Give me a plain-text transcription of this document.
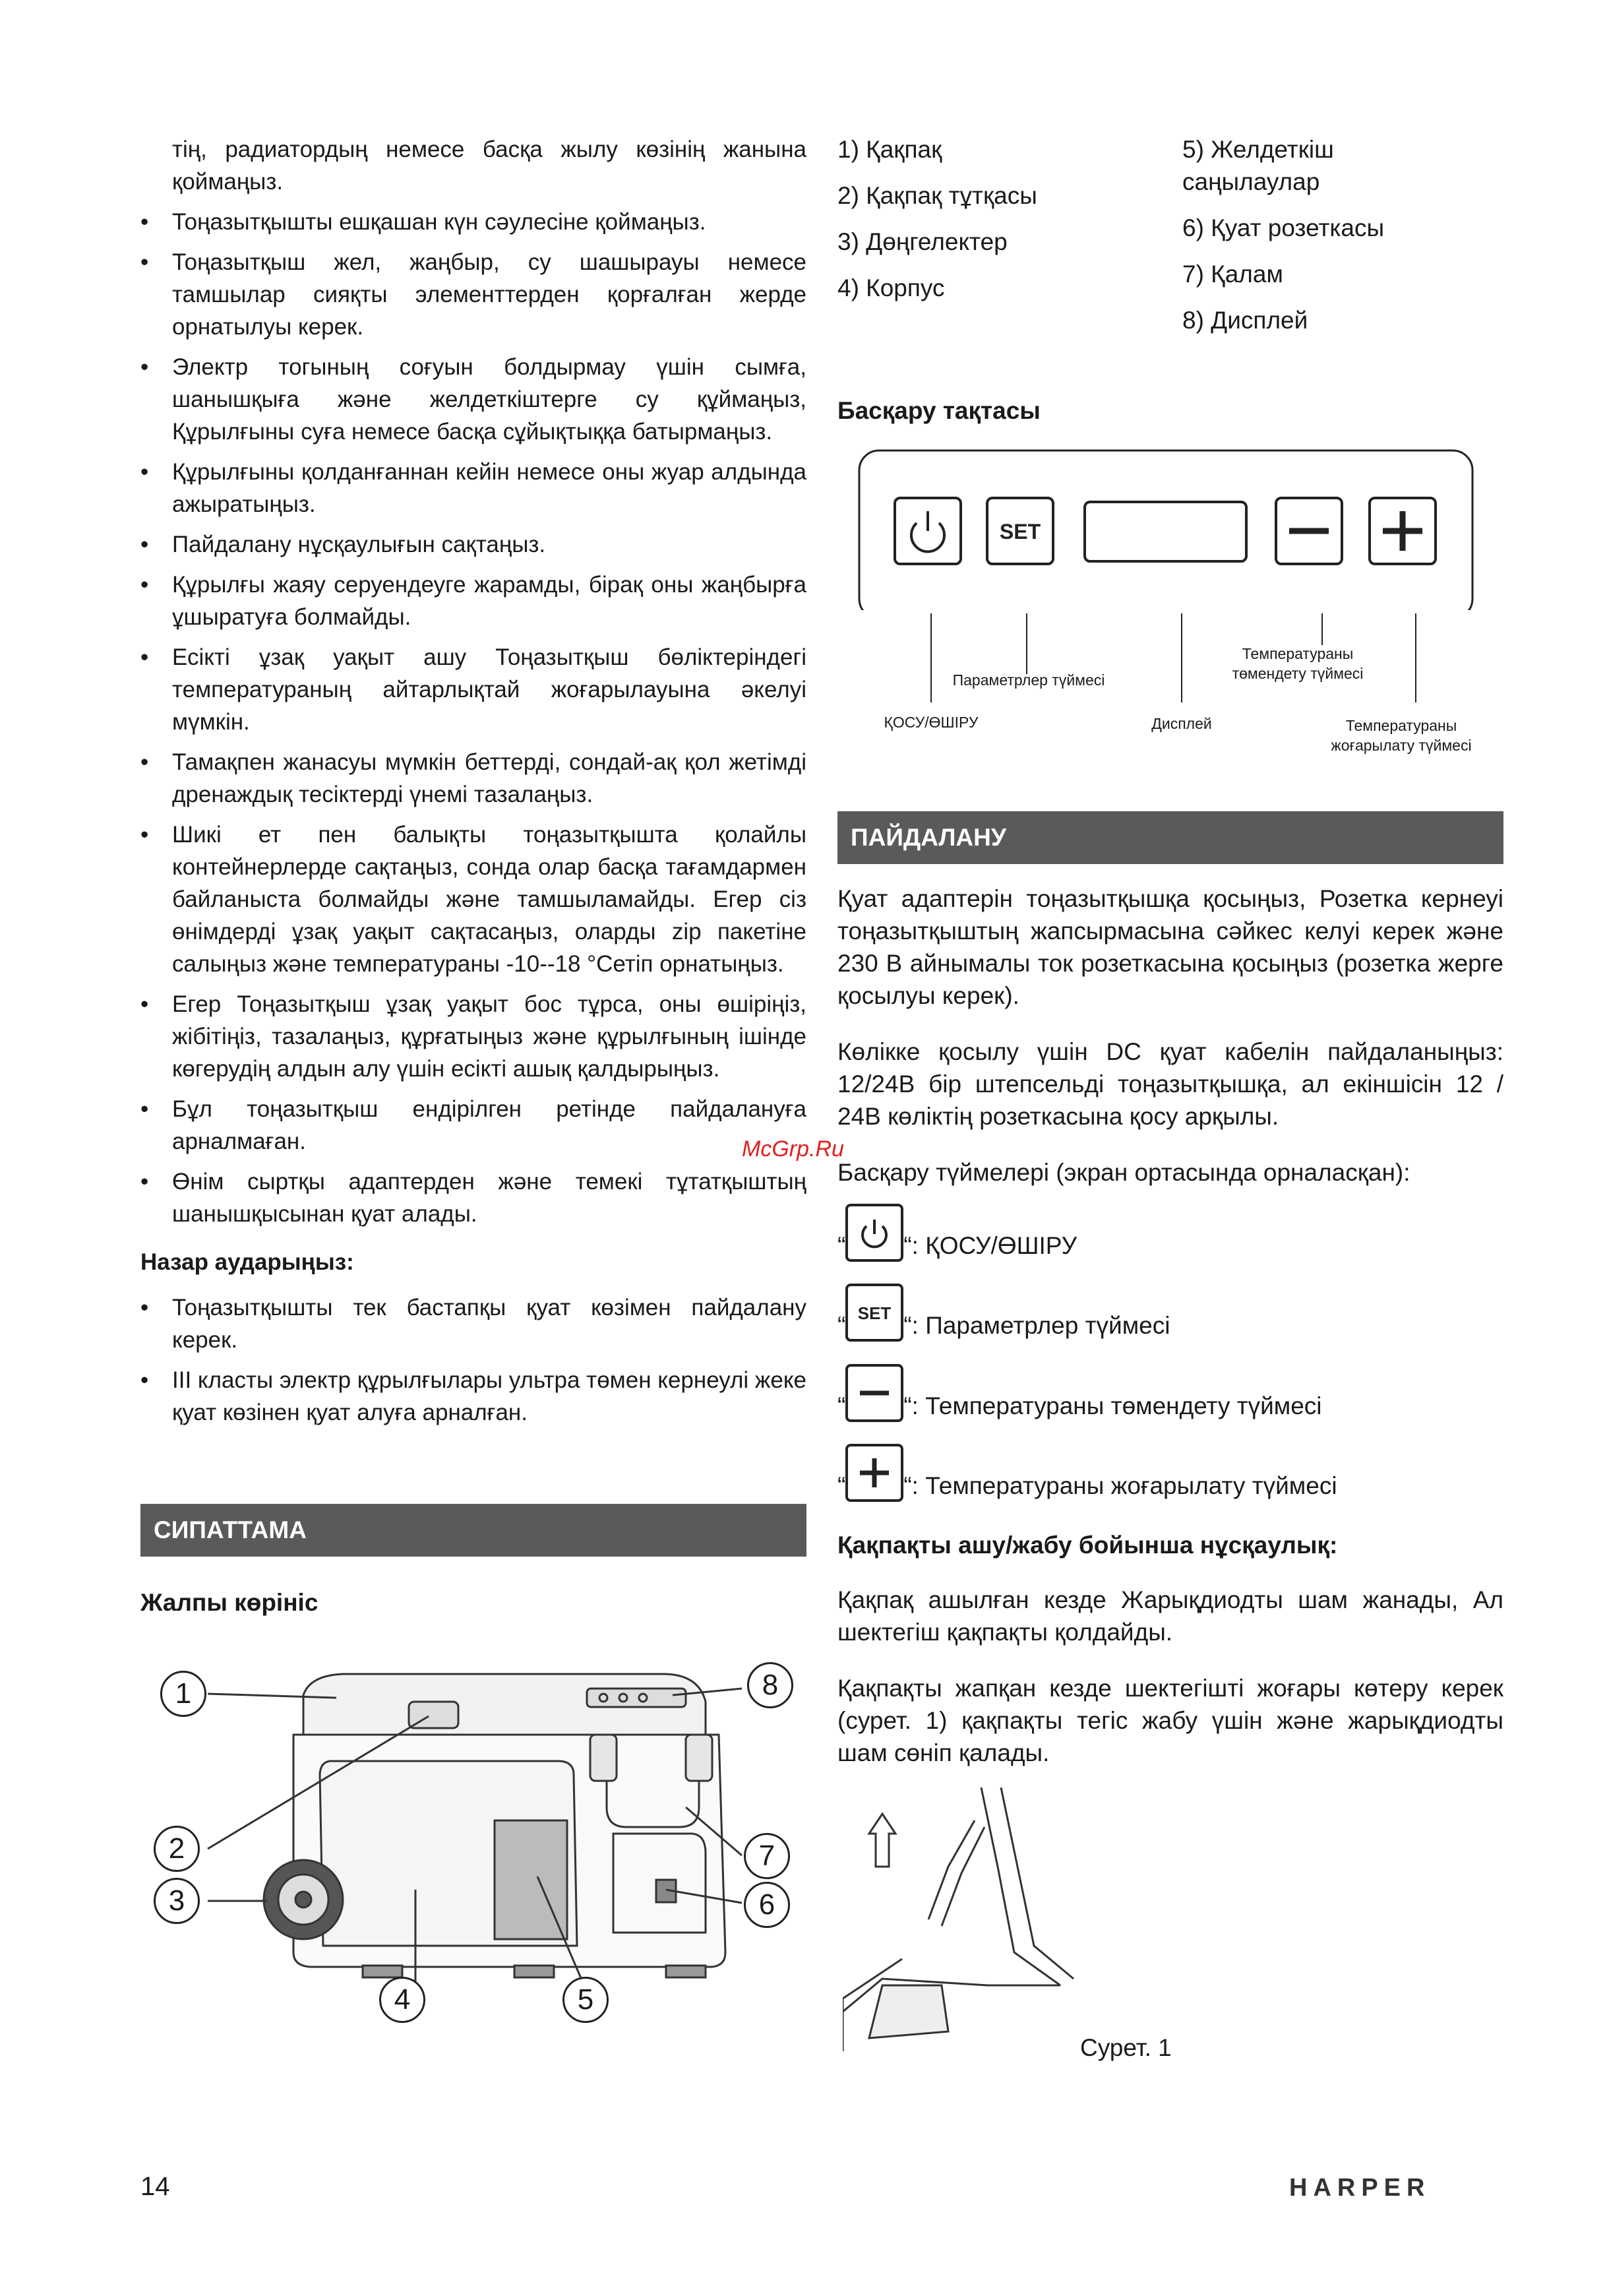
тің, радиатордың немесе басқа жылу көзінің жанына қоймаңыз.
• Тоңазытқышты ешқашан күн сәулесіне қоймаңыз.
• Тоңазытқыш жел, жаңбыр, су шашырауы немесе тамшылар сияқты элементтерден қорғалған жерде орнатылуы керек.
• Электр тогының соғуын болдырмау үшін сымға, шанышқыға және желдеткіштерге су құймаңыз, Құрылғыны суға немесе басқа сұйықтыққа батырмаңыз.
• Құрылғыны қолданғаннан кейін немесе оны жуар алдында ажыратыңыз.
• Пайдалану нұсқаулығын сақтаңыз.
• Құрылғы жаяу серуендеуге жарамды, бірақ оны жаңбырға ұшыратуға болмайды.
• Есікті ұзақ уақыт ашу Тоңазытқыш бөліктеріндегі температураның айтарлықтай жоғарылауына әкелуі мүмкін.
• Тамақпен жанасуы мүмкін беттерді, сондай-ақ қол жетімді дренаждық тесіктерді үнемі тазалаңыз.
• Шикі ет пен балықты тоңазытқышта қолайлы контейнерлерде сақтаңыз, сонда олар басқа тағамдармен байланыста болмайды және тамшыламайды. Егер сіз өнімдерді ұзақ уақыт сақтасаңыз, оларды zip пакетіне салыңыз және температураны -10--18 °Сетіп орнатыңыз.
• Егер Тоңазытқыш ұзақ уақыт бос тұрса, оны өшіріңіз, жібітіңіз, тазалаңыз, құрғатыңыз және құрылғының ішінде көгерудің алдын алу үшін есікті ашық қалдырыңыз.
• Бұл тоңазытқыш ендірілген ретінде пайдалануға арналмаған.
• Өнім сыртқы адаптерден және темекі тұтатқыштың шанышқысынан қуат алады.
Назар аударыңыз:
• Тоңазытқышты тек бастапқы қуат көзімен пайдалану керек.
• III класты электр құрылғылары ультра төмен кернеулі жеке қуат көзінен қуат алуға арналған.
СИПАТТАМА
Жалпы көрініс
1
2
3
4	5
6
7
8
1) Қақпақ
2) Қақпақ тұтқасы
3) Дөңгелектер
4) Корпус
5) Желдеткіш саңылаулар
6) Қуат розеткасы
7) Қалам
8) Дисплей
Басқару тақтасы
SET
ҚОСУ/ӨШІРУ
Параметрлер түймесі
Дисплей
Температураны төмендету түймесі
Температураны жоғарылату түймесі
ПАЙДАЛАНУ

Қуат адаптерін тоңазытқышқа қосыңыз, Розетка кернеуі тоңазытқыштың жапсырмасына сәйкес келуі керек және 230 В айнымалы ток розеткасына қосыңыз (розетка жерге қосылуы керек).

Көлікке қосылу үшін DC қуат кабелін пайдаланыңыз: 12/24В бір штепсельді тоңазытқышқа, ал екіншісін 12 / 24В көліктің розеткасына қосу арқылы.

Басқару түймелері (экран ортасында орналасқан):

“ “: ҚОСУ/ӨШІРУ
“ SET “: Параметрлер түймесі
“ “: Температураны төмендету түймесі
“ “: Температураны жоғарылату түймесі
Қақпақты ашу/жабу бойынша нұсқаулық:

Қақпақ ашылған кезде Жарықдиодты шам жанады, Ал шектегіш қақпақты қолдайды.

Қақпақты жапқан кезде шектегішті жоғары көтеру керек (сурет. 1) қақпақты тегіс жабу үшін және жарықдиодты шам сөніп қалады.

Сурет. 1
McGrp.Ru
14	HARPER
